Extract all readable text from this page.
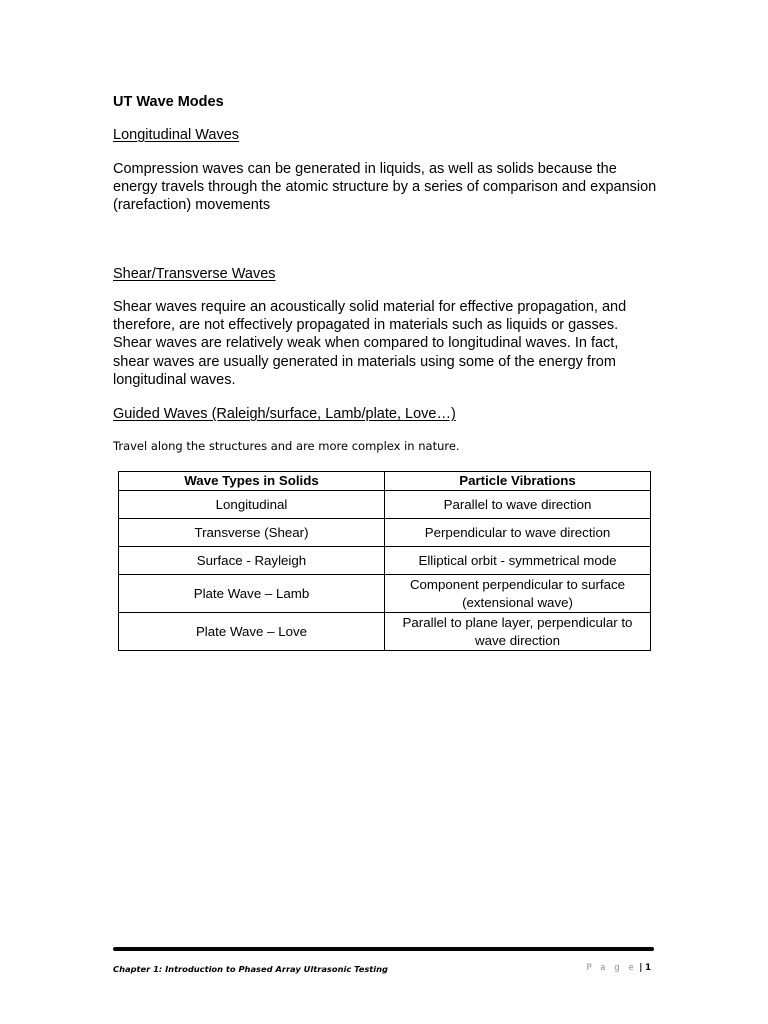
UT Wave Modes
Longitudinal Waves
Compression waves can be generated in liquids, as well as solids because the energy travels through the atomic structure by a series of comparison and expansion (rarefaction) movements
Shear/Transverse Waves
Shear waves require an acoustically solid material for effective propagation, and therefore, are not effectively propagated in materials such as liquids or gasses. Shear waves are relatively weak when compared to longitudinal waves. In fact, shear waves are usually generated in materials using some of the energy from longitudinal waves.
Guided Waves (Raleigh/surface, Lamb/plate, Love…)
Travel along the structures and are more complex in nature.
Wave Types in Solids	Particle Vibrations
Longitudinal	Parallel to wave direction
Transverse (Shear)	Perpendicular to wave direction
Surface - Rayleigh	Elliptical orbit - symmetrical mode
Plate Wave – Lamb	Component perpendicular to surface (extensional wave)
Plate Wave – Love	Parallel to plane layer, perpendicular to wave direction
Chapter 1: Introduction to Phased Array Ultrasonic Testing	P a g e | 1
